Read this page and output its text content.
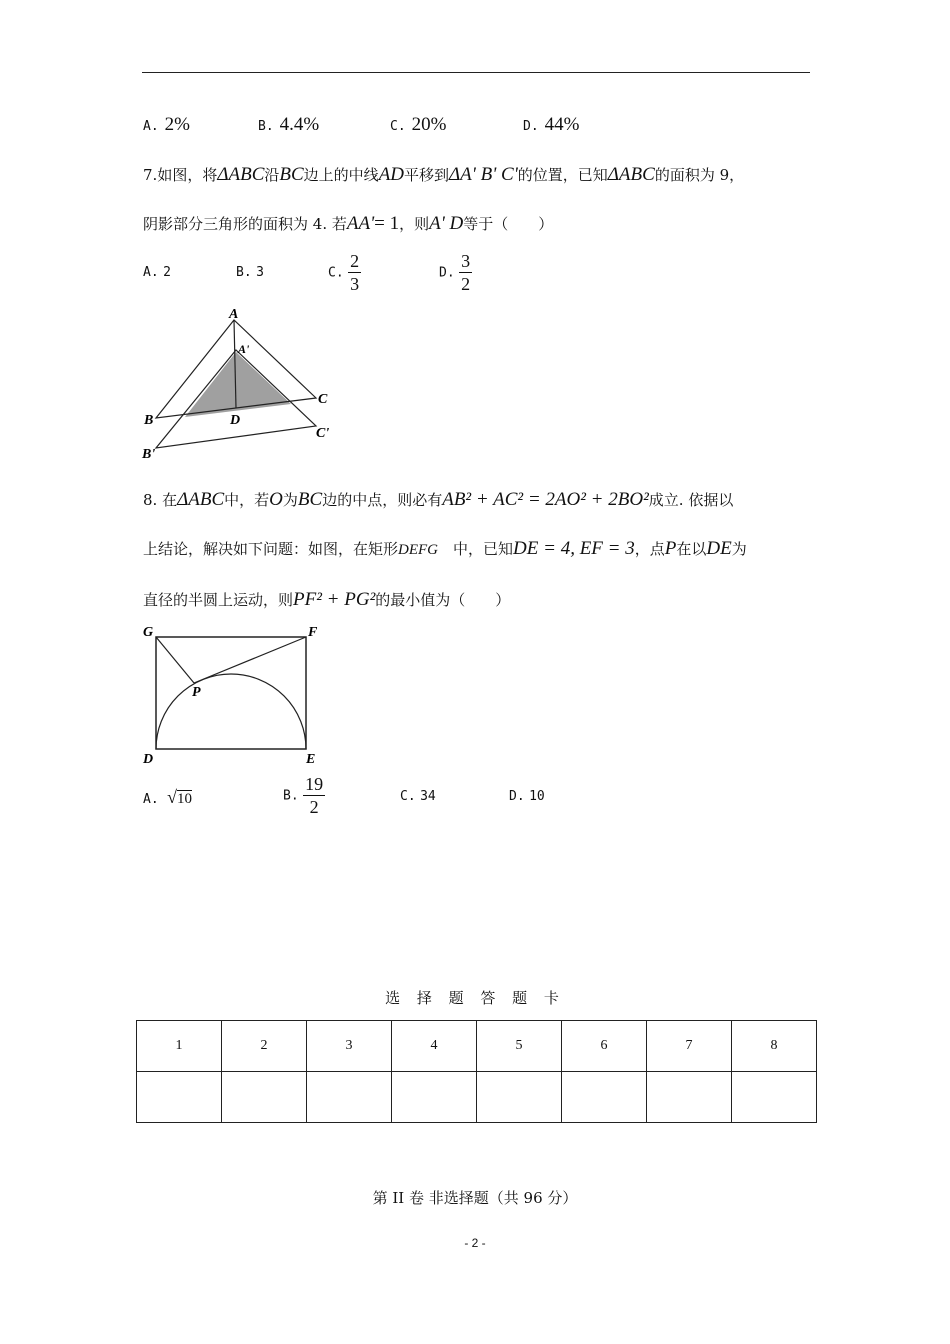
A. 2%	B. 4.4%	C. 20%	D. 44%
7.如图，将ΔABC沿BC边上的中线AD平移到ΔA' B' C'的位置，已知ΔABC的面积为 9，
阴影部分三角形的面积为 4. 若AA'= 1，则A' D等于（　　）
A. 2	B. 3	C. $\frac{2}{3}$	D. $\frac{3}{2}$
A
A'
B
C
D
B'
C'
8. 在ΔABC中，若O为BC边的中点，则必有AB² + AC² = 2AO² + 2BO²成立. 依据以
上结论，解决如下问题：如图，在矩形DEFG　 中，已知DE = 4, EF = 3，点P在以DE为
直径的半圆上运动，则PF² + PG²的最小值为（　　）
G	F
P
D	E
A. √10	B. $\frac{19}{2}$	C. 34	D. 10
选 择 题 答 题 卡
1	2	3	4	5	6	7	8

第 II 卷 非选择题（共 96 分）
- 2 -
